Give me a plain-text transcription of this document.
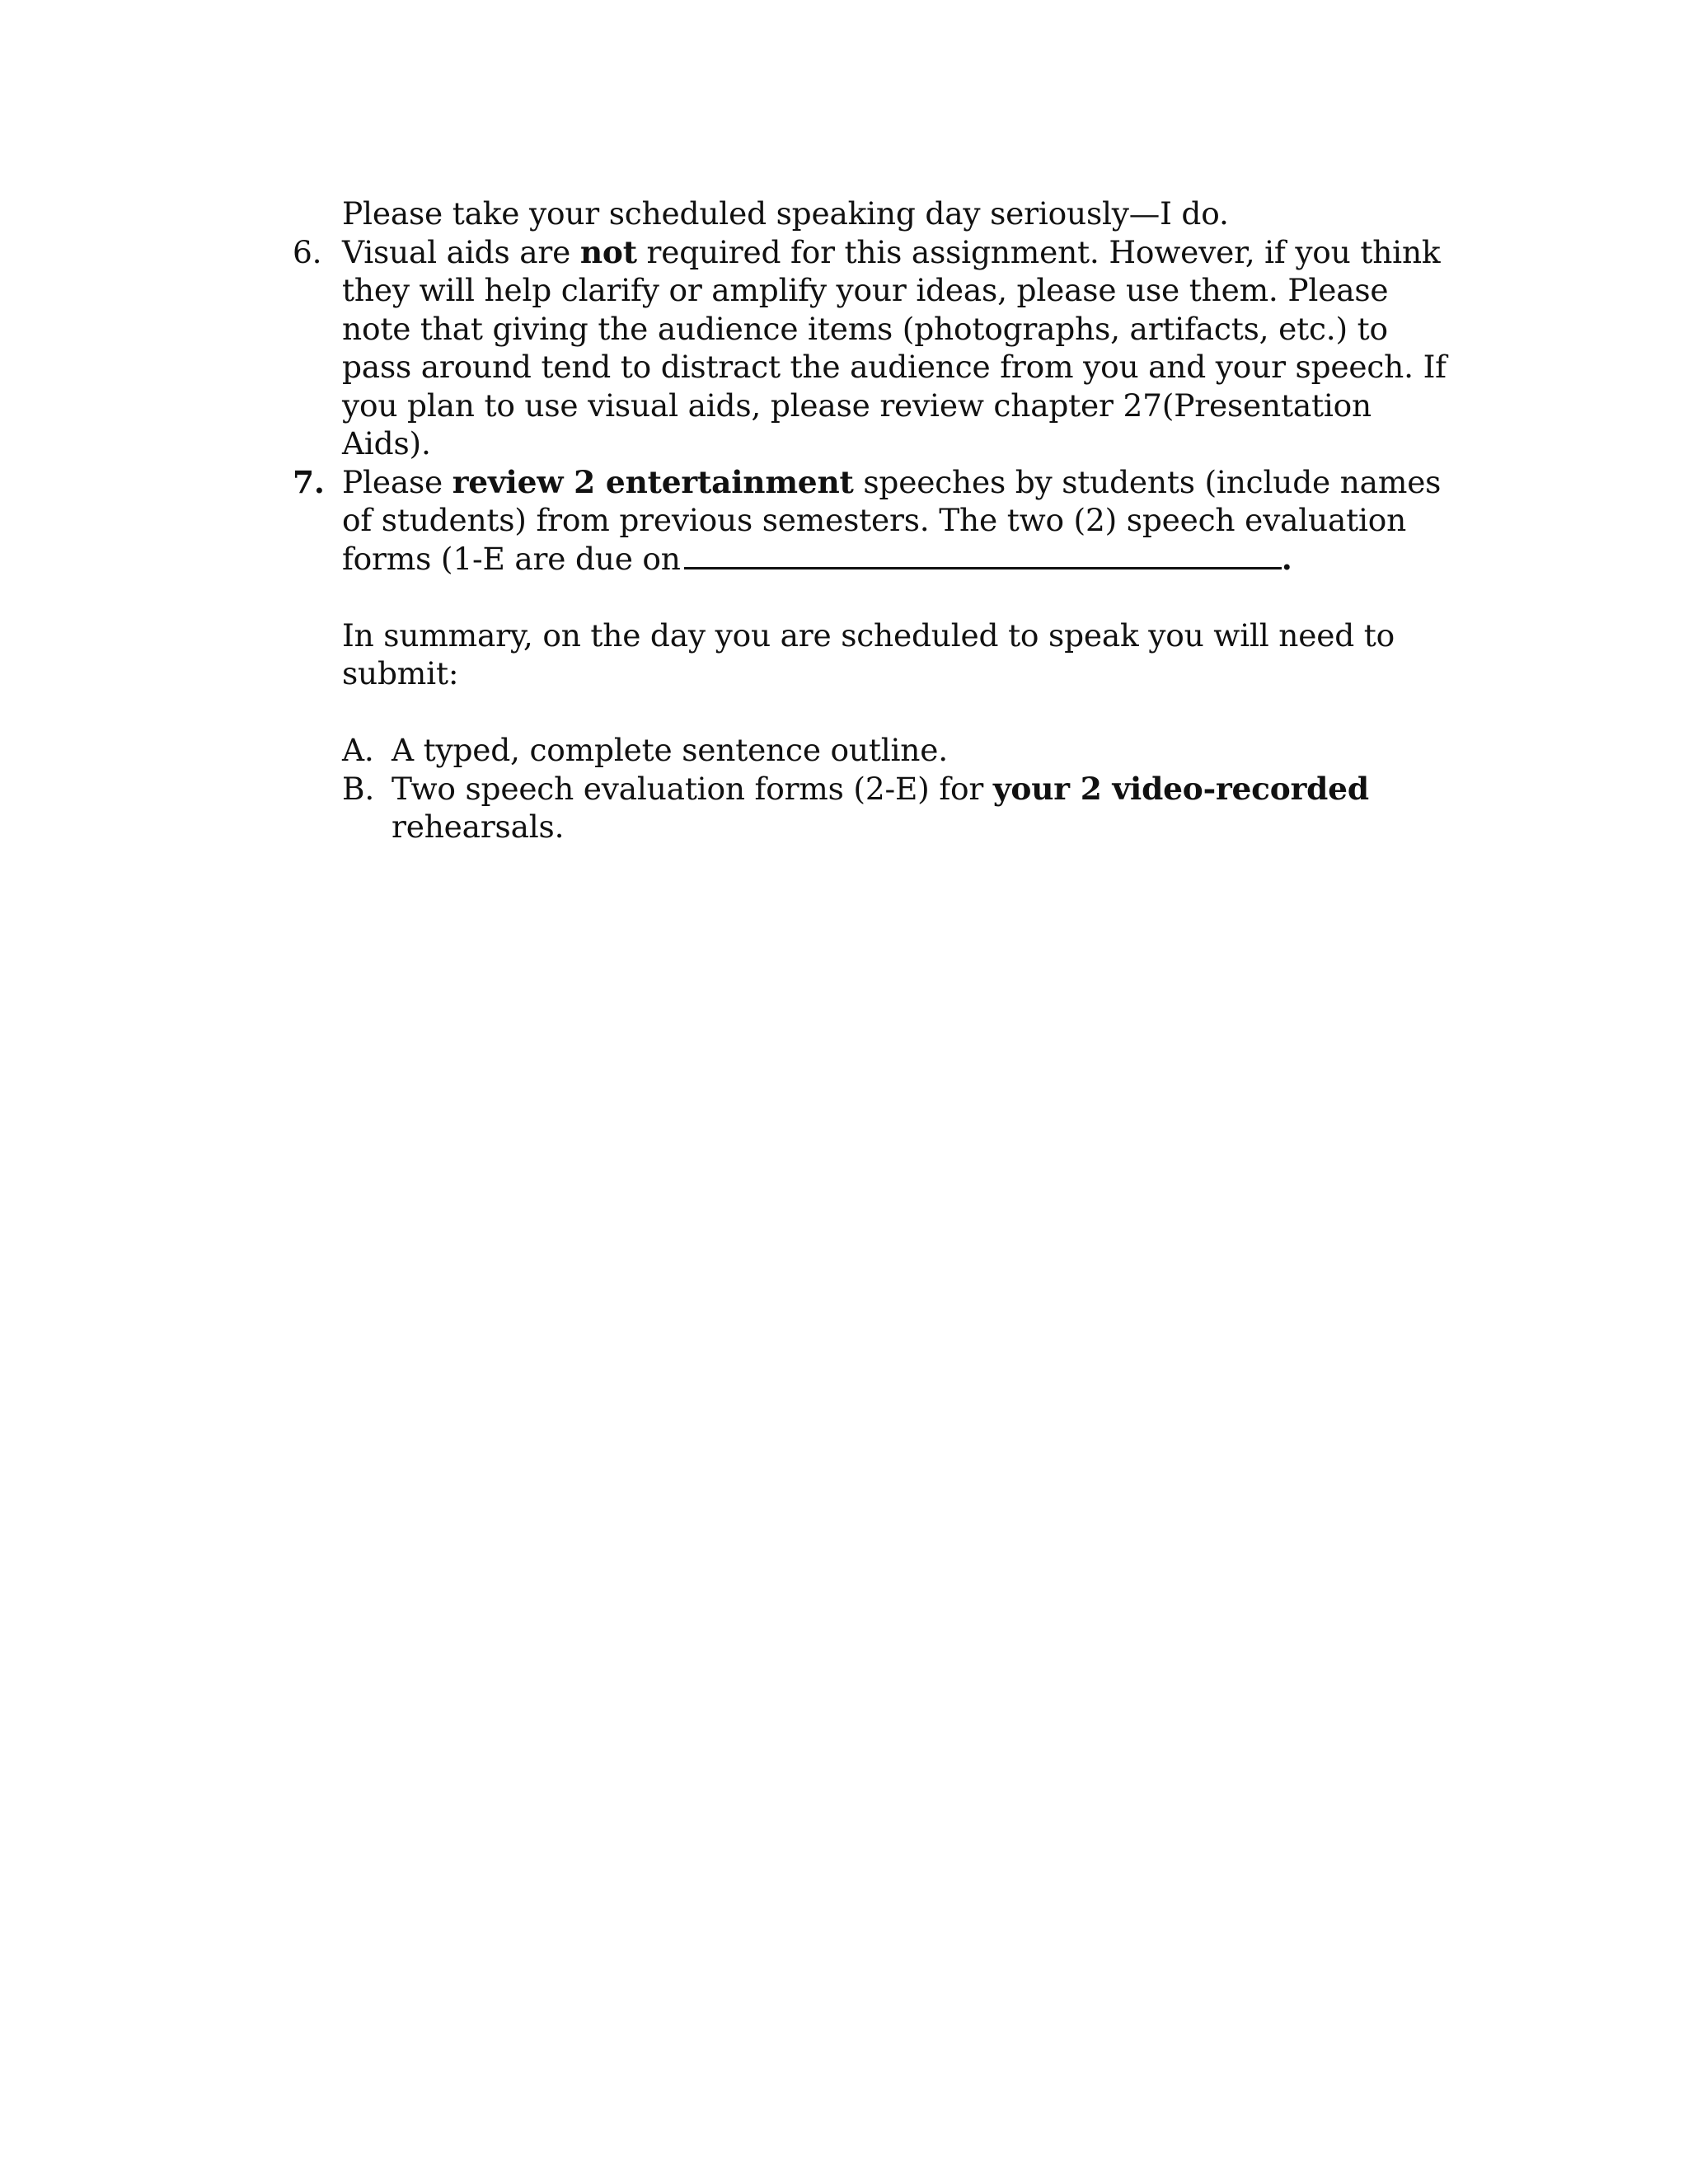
Please take your scheduled speaking day seriously—I do.

6. Visual aids are not required for this assignment. However, if you think they will help clarify or amplify your ideas, please use them. Please note that giving the audience items (photographs, artifacts, etc.) to pass around tend to distract the audience from you and your speech. If you plan to use visual aids, please review chapter 27(Presentation Aids).

7. Please review 2 entertainment speeches by students (include names of students) from previous semesters. The two (2) speech evaluation forms (1-E are due on	.

In summary, on the day you are scheduled to speak you will need to submit:

A. A typed, complete sentence outline.

B. Two speech evaluation forms (2-E) for your 2 video-recorded rehearsals.
